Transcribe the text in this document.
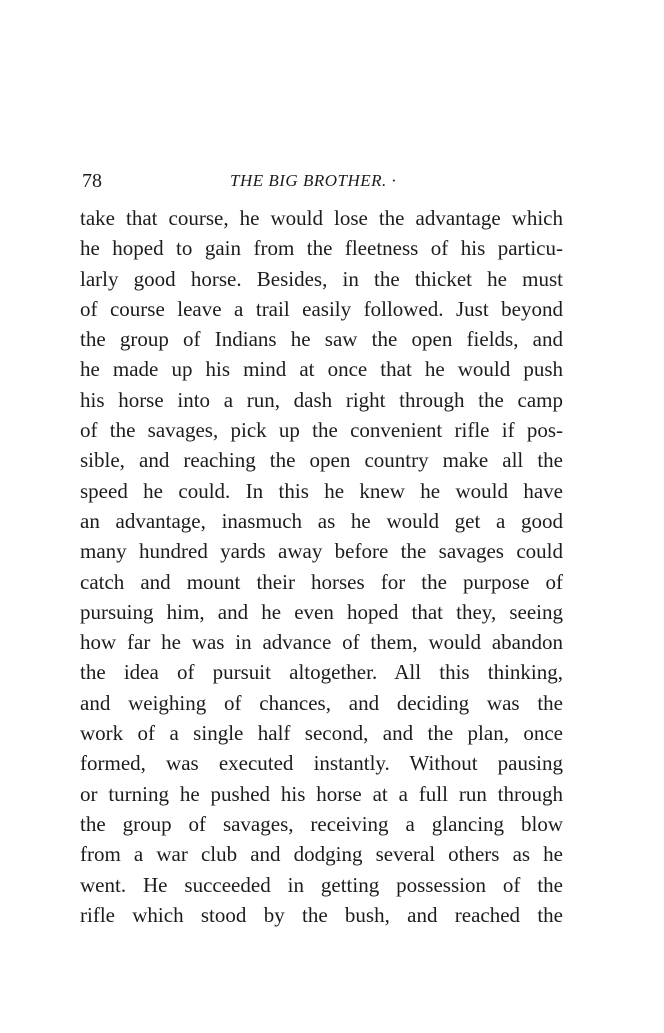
78	THE BIG BROTHER. ·
take that course, he would lose the advantage which
he hoped to gain from the fleetness of his particu-
larly good horse. Besides, in the thicket he must
of course leave a trail easily followed. Just beyond
the group of Indians he saw the open fields, and
he made up his mind at once that he would push
his horse into a run, dash right through the camp
of the savages, pick up the convenient rifle if pos-
sible, and reaching the open country make all the
speed he could. In this he knew he would have
an advantage, inasmuch as he would get a good
many hundred yards away before the savages could
catch and mount their horses for the purpose of
pursuing him, and he even hoped that they, seeing
how far he was in advance of them, would abandon
the idea of pursuit altogether. All this thinking,
and weighing of chances, and deciding was the
work of a single half second, and the plan, once
formed, was executed instantly. Without pausing
or turning he pushed his horse at a full run through
the group of savages, receiving a glancing blow
from a war club and dodging several others as he
went. He succeeded in getting possession of the
rifle which stood by the bush, and reached the
